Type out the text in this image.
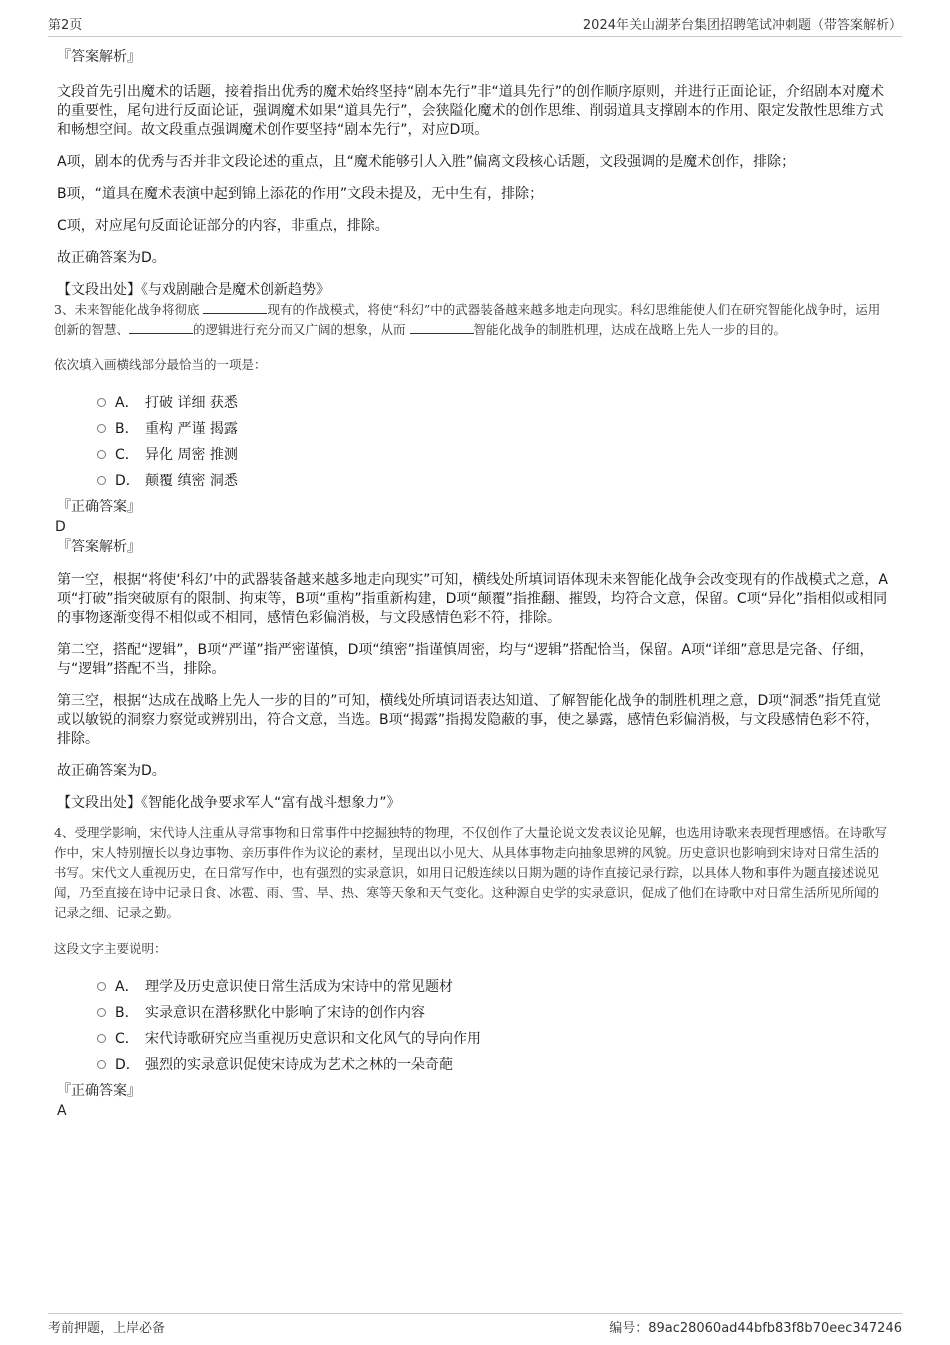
第2页	2024年关山湖茅台集团招聘笔试冲刺题（带答案解析）

『答案解析』

文段首先引出魔术的话题，接着指出优秀的魔术始终坚持“剧本先行”非“道具先行”的创作顺序原则，并进行正面论证，介绍剧本对魔术的重要性，尾句进行反面论证，强调魔术如果“道具先行”，会狭隘化魔术的创作思维、削弱道具支撑剧本的作用、限定发散性思维方式和畅想空间。故文段重点强调魔术创作要坚持“剧本先行”，对应D项。

A项，剧本的优秀与否并非文段论述的重点，且“魔术能够引人入胜”偏离文段核心话题，文段强调的是魔术创作，排除；

B项，“道具在魔术表演中起到锦上添花的作用”文段未提及，无中生有，排除；

C项，对应尾句反面论证部分的内容，非重点，排除。

故正确答案为D。

【文段出处】《与戏剧融合是魔术创新趋势》

3、未来智能化战争将彻底	现有的作战模式，将使“科幻”中的武器装备越来越多地走向现实。科幻思维能使人们在研究智能化战争时，运用创新的智慧、	的逻辑进行充分而又广阔的想象，从而	智能化战争的制胜机理，达成在战略上先人一步的目的。

依次填入画横线部分最恰当的一项是：

A． 打破 详细 获悉
B． 重构 严谨 揭露
C． 异化 周密 推测
D． 颠覆 缜密 洞悉

『正确答案』

D

『答案解析』

第一空，根据“将使‘科幻’中的武器装备越来越多地走向现实”可知，横线处所填词语体现未来智能化战争会改变现有的作战模式之意，A项“打破”指突破原有的限制、拘束等，B项“重构”指重新构建，D项“颠覆”指推翻、摧毁，均符合文意，保留。C项“异化”指相似或相同的事物逐渐变得不相似或不相同，感情色彩偏消极，与文段感情色彩不符，排除。

第二空，搭配“逻辑”，B项“严谨”指严密谨慎，D项“缜密”指谨慎周密，均与“逻辑”搭配恰当，保留。A项“详细”意思是完备、仔细，与“逻辑”搭配不当，排除。

第三空，根据“达成在战略上先人一步的目的”可知，横线处所填词语表达知道、了解智能化战争的制胜机理之意，D项“洞悉”指凭直觉或以敏锐的洞察力察觉或辨别出，符合文意，当选。B项“揭露”指揭发隐蔽的事，使之暴露，感情色彩偏消极，与文段感情色彩不符，排除。

故正确答案为D。

【文段出处】《智能化战争要求军人“富有战斗想象力”》

4、受理学影响，宋代诗人注重从寻常事物和日常事件中挖掘独特的物理，不仅创作了大量论说文发表议论见解，也选用诗歌来表现哲理感悟。在诗歌写作中，宋人特别擅长以身边事物、亲历事件作为议论的素材，呈现出以小见大、从具体事物走向抽象思辨的风貌。历史意识也影响到宋诗对日常生活的书写。宋代文人重视历史，在日常写作中，也有强烈的实录意识，如用日记般连续以日期为题的诗作直接记录行踪，以具体人物和事件为题直接述说见闻，乃至直接在诗中记录日食、冰雹、雨、雪、旱、热、寒等天象和天气变化。这种源自史学的实录意识，促成了他们在诗歌中对日常生活所见所闻的记录之细、记录之勤。

这段文字主要说明：

A． 理学及历史意识使日常生活成为宋诗中的常见题材
B． 实录意识在潜移默化中影响了宋诗的创作内容
C． 宋代诗歌研究应当重视历史意识和文化风气的导向作用
D． 强烈的实录意识促使宋诗成为艺术之林的一朵奇葩

『正确答案』

A

考前押题，上岸必备	编号：89ac28060ad44bfb83f8b70eec347246
